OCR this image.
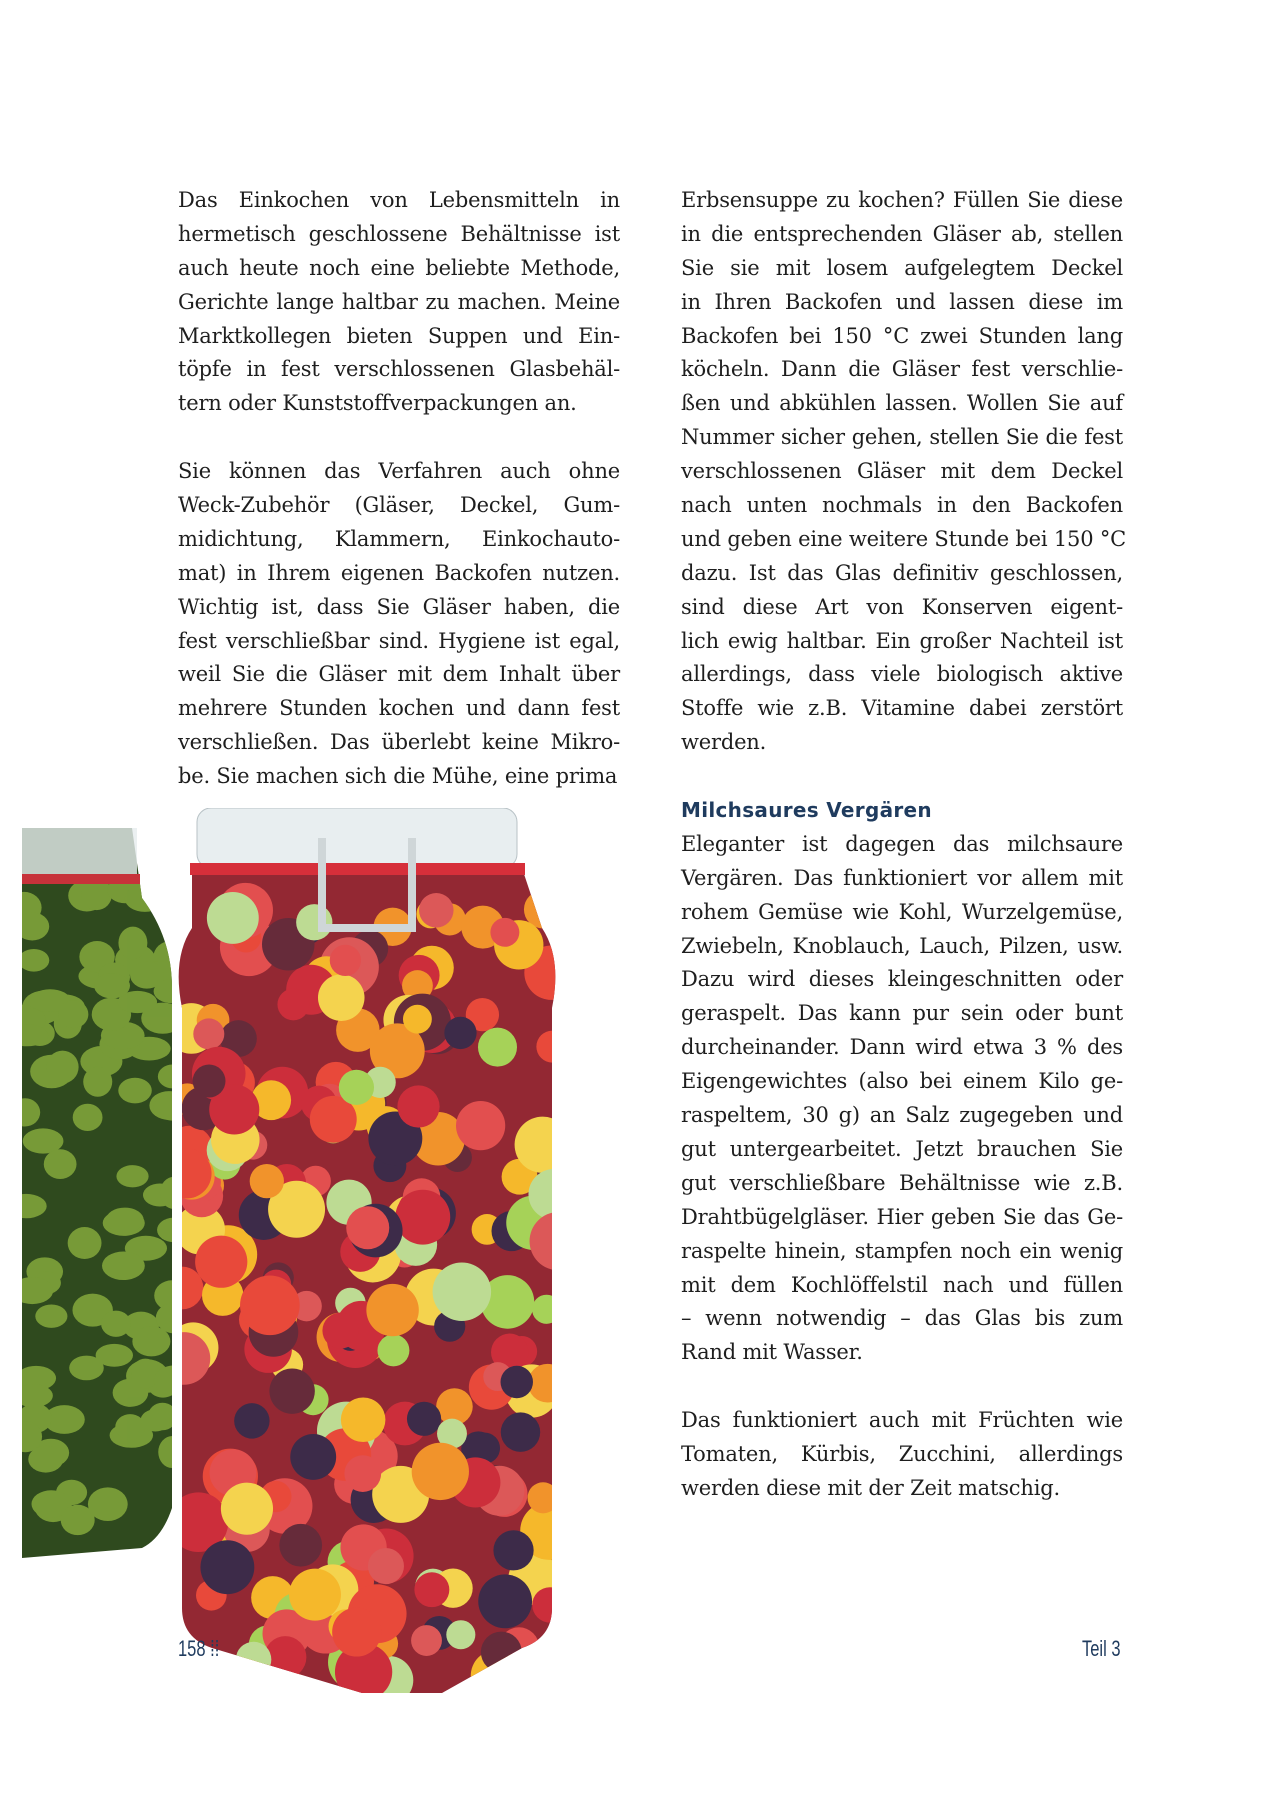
Das Einkochen von Lebensmitteln in
hermetisch geschlossene Behältnisse ist
auch heute noch eine beliebte Methode,
Gerichte lange haltbar zu machen. Meine
Marktkollegen bieten Suppen und Ein-
töpfe in fest verschlossenen Glasbehäl-
tern oder Kunststoffverpackungen an.
Sie können das Verfahren auch ohne
Weck-Zubehör (Gläser, Deckel, Gum-
midichtung, Klammern, Einkochauto-
mat) in Ihrem eigenen Backofen nutzen.
Wichtig ist, dass Sie Gläser haben, die
fest verschließbar sind. Hygiene ist egal,
weil Sie die Gläser mit dem Inhalt über
mehrere Stunden kochen und dann fest
verschließen. Das überlebt keine Mikro-
be. Sie machen sich die Mühe, eine prima
Erbsensuppe zu kochen? Füllen Sie diese
in die entsprechenden Gläser ab, stellen
Sie sie mit losem aufgelegtem Deckel
in Ihren Backofen und lassen diese im
Backofen bei 150 °C zwei Stunden lang
köcheln. Dann die Gläser fest verschlie-
ßen und abkühlen lassen. Wollen Sie auf
Nummer sicher gehen, stellen Sie die fest
verschlossenen Gläser mit dem Deckel
nach unten nochmals in den Backofen
und geben eine weitere Stunde bei 150 °C
dazu. Ist das Glas definitiv geschlossen,
sind diese Art von Konserven eigent-
lich ewig haltbar. Ein großer Nachteil ist
allerdings, dass viele biologisch aktive
Stoffe wie z.B. Vitamine dabei zerstört
werden.
Milchsaures Vergären
Eleganter ist dagegen das milchsaure
Vergären. Das funktioniert vor allem mit
rohem Gemüse wie Kohl, Wurzelgemüse,
Zwiebeln, Knoblauch, Lauch, Pilzen, usw.
Dazu wird dieses kleingeschnitten oder
geraspelt. Das kann pur sein oder bunt
durcheinander. Dann wird etwa 3 % des
Eigengewichtes (also bei einem Kilo ge-
raspeltem, 30 g) an Salz zugegeben und
gut untergearbeitet. Jetzt brauchen Sie
gut verschließbare Behältnisse wie z.B.
Drahtbügelgläser. Hier geben Sie das Ge-
raspelte hinein, stampfen noch ein wenig
mit dem Kochlöffelstil nach und füllen
– wenn notwendig – das Glas bis zum
Rand mit Wasser.
Das funktioniert auch mit Früchten wie
Tomaten, Kürbis, Zucchini, allerdings
werden diese mit der Zeit matschig.
158 ⁞⁞	Teil 3
